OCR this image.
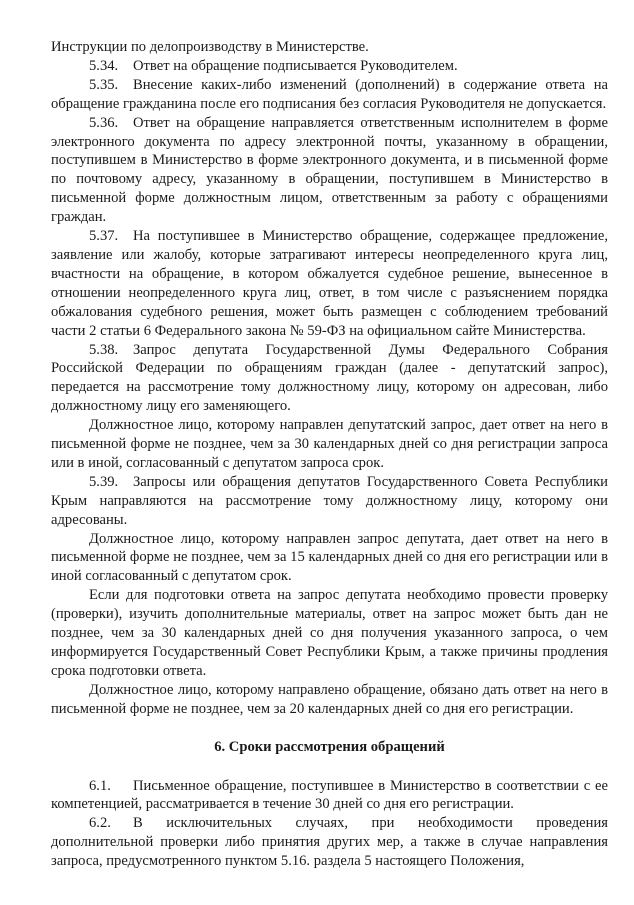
Инструкции по делопроизводству в Министерстве.

5.34. Ответ на обращение подписывается Руководителем.

5.35. Внесение каких-либо изменений (дополнений) в содержание ответа на обращение гражданина после его подписания без согласия Руководителя не допускается.

5.36. Ответ на обращение направляется ответственным исполнителем в форме электронного документа по адресу электронной почты, указанному в обращении, поступившем в Министерство в форме электронного документа, и в письменной форме по почтовому адресу, указанному в обращении, поступившем в Министерство в письменной форме должностным лицом, ответственным за работу с обращениями граждан.

5.37. На поступившее в Министерство обращение, содержащее предложение, заявление или жалобу, которые затрагивают интересы неопределенного круга лиц, вчастности на обращение, в котором обжалуется судебное решение, вынесенное в отношении неопределенного круга лиц, ответ, в том числе с разъяснением порядка обжалования судебного решения, может быть размещен с соблюдением требований части 2 статьи 6 Федерального закона № 59-ФЗ на официальном сайте Министерства.

5.38. Запрос депутата Государственной Думы Федерального Собрания Российской Федерации по обращениям граждан (далее - депутатский запрос), передается на рассмотрение тому должностному лицу, которому он адресован, либо должностному лицу его заменяющего.

Должностное лицо, которому направлен депутатский запрос, дает ответ на него в письменной форме не позднее, чем за 30 календарных дней со дня регистрации запроса или в иной, согласованный с депутатом запроса срок.

5.39. Запросы или обращения депутатов Государственного Совета Республики Крым направляются на рассмотрение тому должностному лицу, которому они адресованы.

Должностное лицо, которому направлен запрос депутата, дает ответ на него в письменной форме не позднее, чем за 15 календарных дней со дня его регистрации или в иной согласованный с депутатом срок.

Если для подготовки ответа на запрос депутата необходимо провести проверку (проверки), изучить дополнительные материалы, ответ на запрос может быть дан не позднее, чем за 30 календарных дней со дня получения указанного запроса, о чем информируется Государственный Совет Республики Крым, а также причины продления срока подготовки ответа.

Должностное лицо, которому направлено обращение, обязано дать ответ на него в письменной форме не позднее, чем за 20 календарных дней со дня его регистрации.

6. Сроки рассмотрения обращений

6.1. Письменное обращение, поступившее в Министерство в соответствии с ее компетенцией, рассматривается в течение 30 дней со дня его регистрации.

6.2. В исключительных случаях, при необходимости проведения дополнительной проверки либо принятия других мер, а также в случае направления запроса, предусмотренного пунктом 5.16. раздела 5 настоящего Положения,
